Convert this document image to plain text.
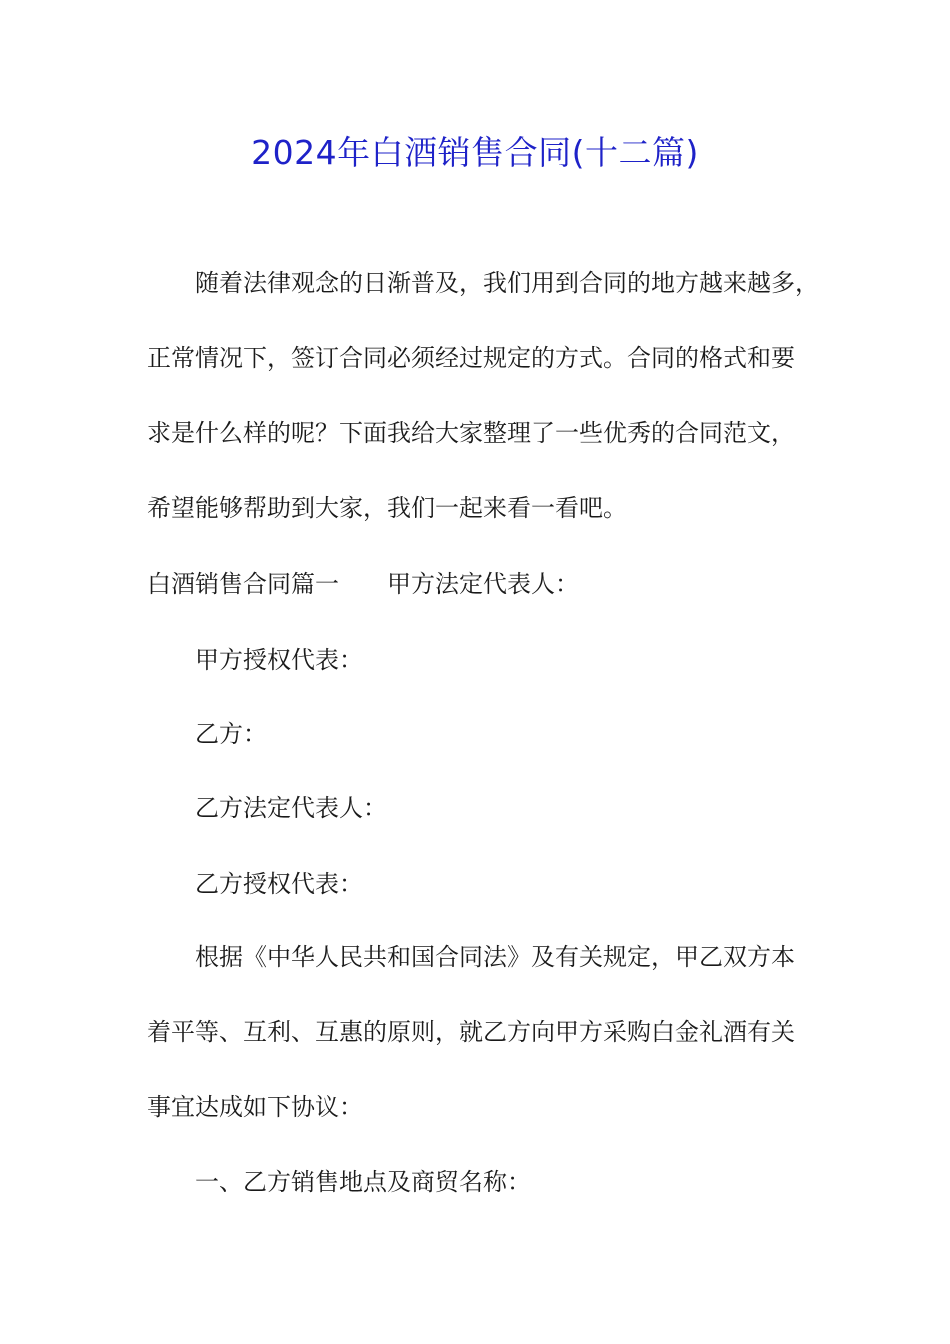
2024年白酒销售合同(十二篇)
随着法律观念的日渐普及，我们用到合同的地方越来越多，
正常情况下，签订合同必须经过规定的方式。合同的格式和要
求是什么样的呢？下面我给大家整理了一些优秀的合同范文，
希望能够帮助到大家，我们一起来看一看吧。
白酒销售合同篇一 甲方法定代表人：
甲方授权代表：
乙方：
乙方法定代表人：
乙方授权代表：
根据《中华人民共和国合同法》及有关规定，甲乙双方本
着平等、互利、互惠的原则，就乙方向甲方采购白金礼酒有关
事宜达成如下协议：
一、乙方销售地点及商贸名称：
